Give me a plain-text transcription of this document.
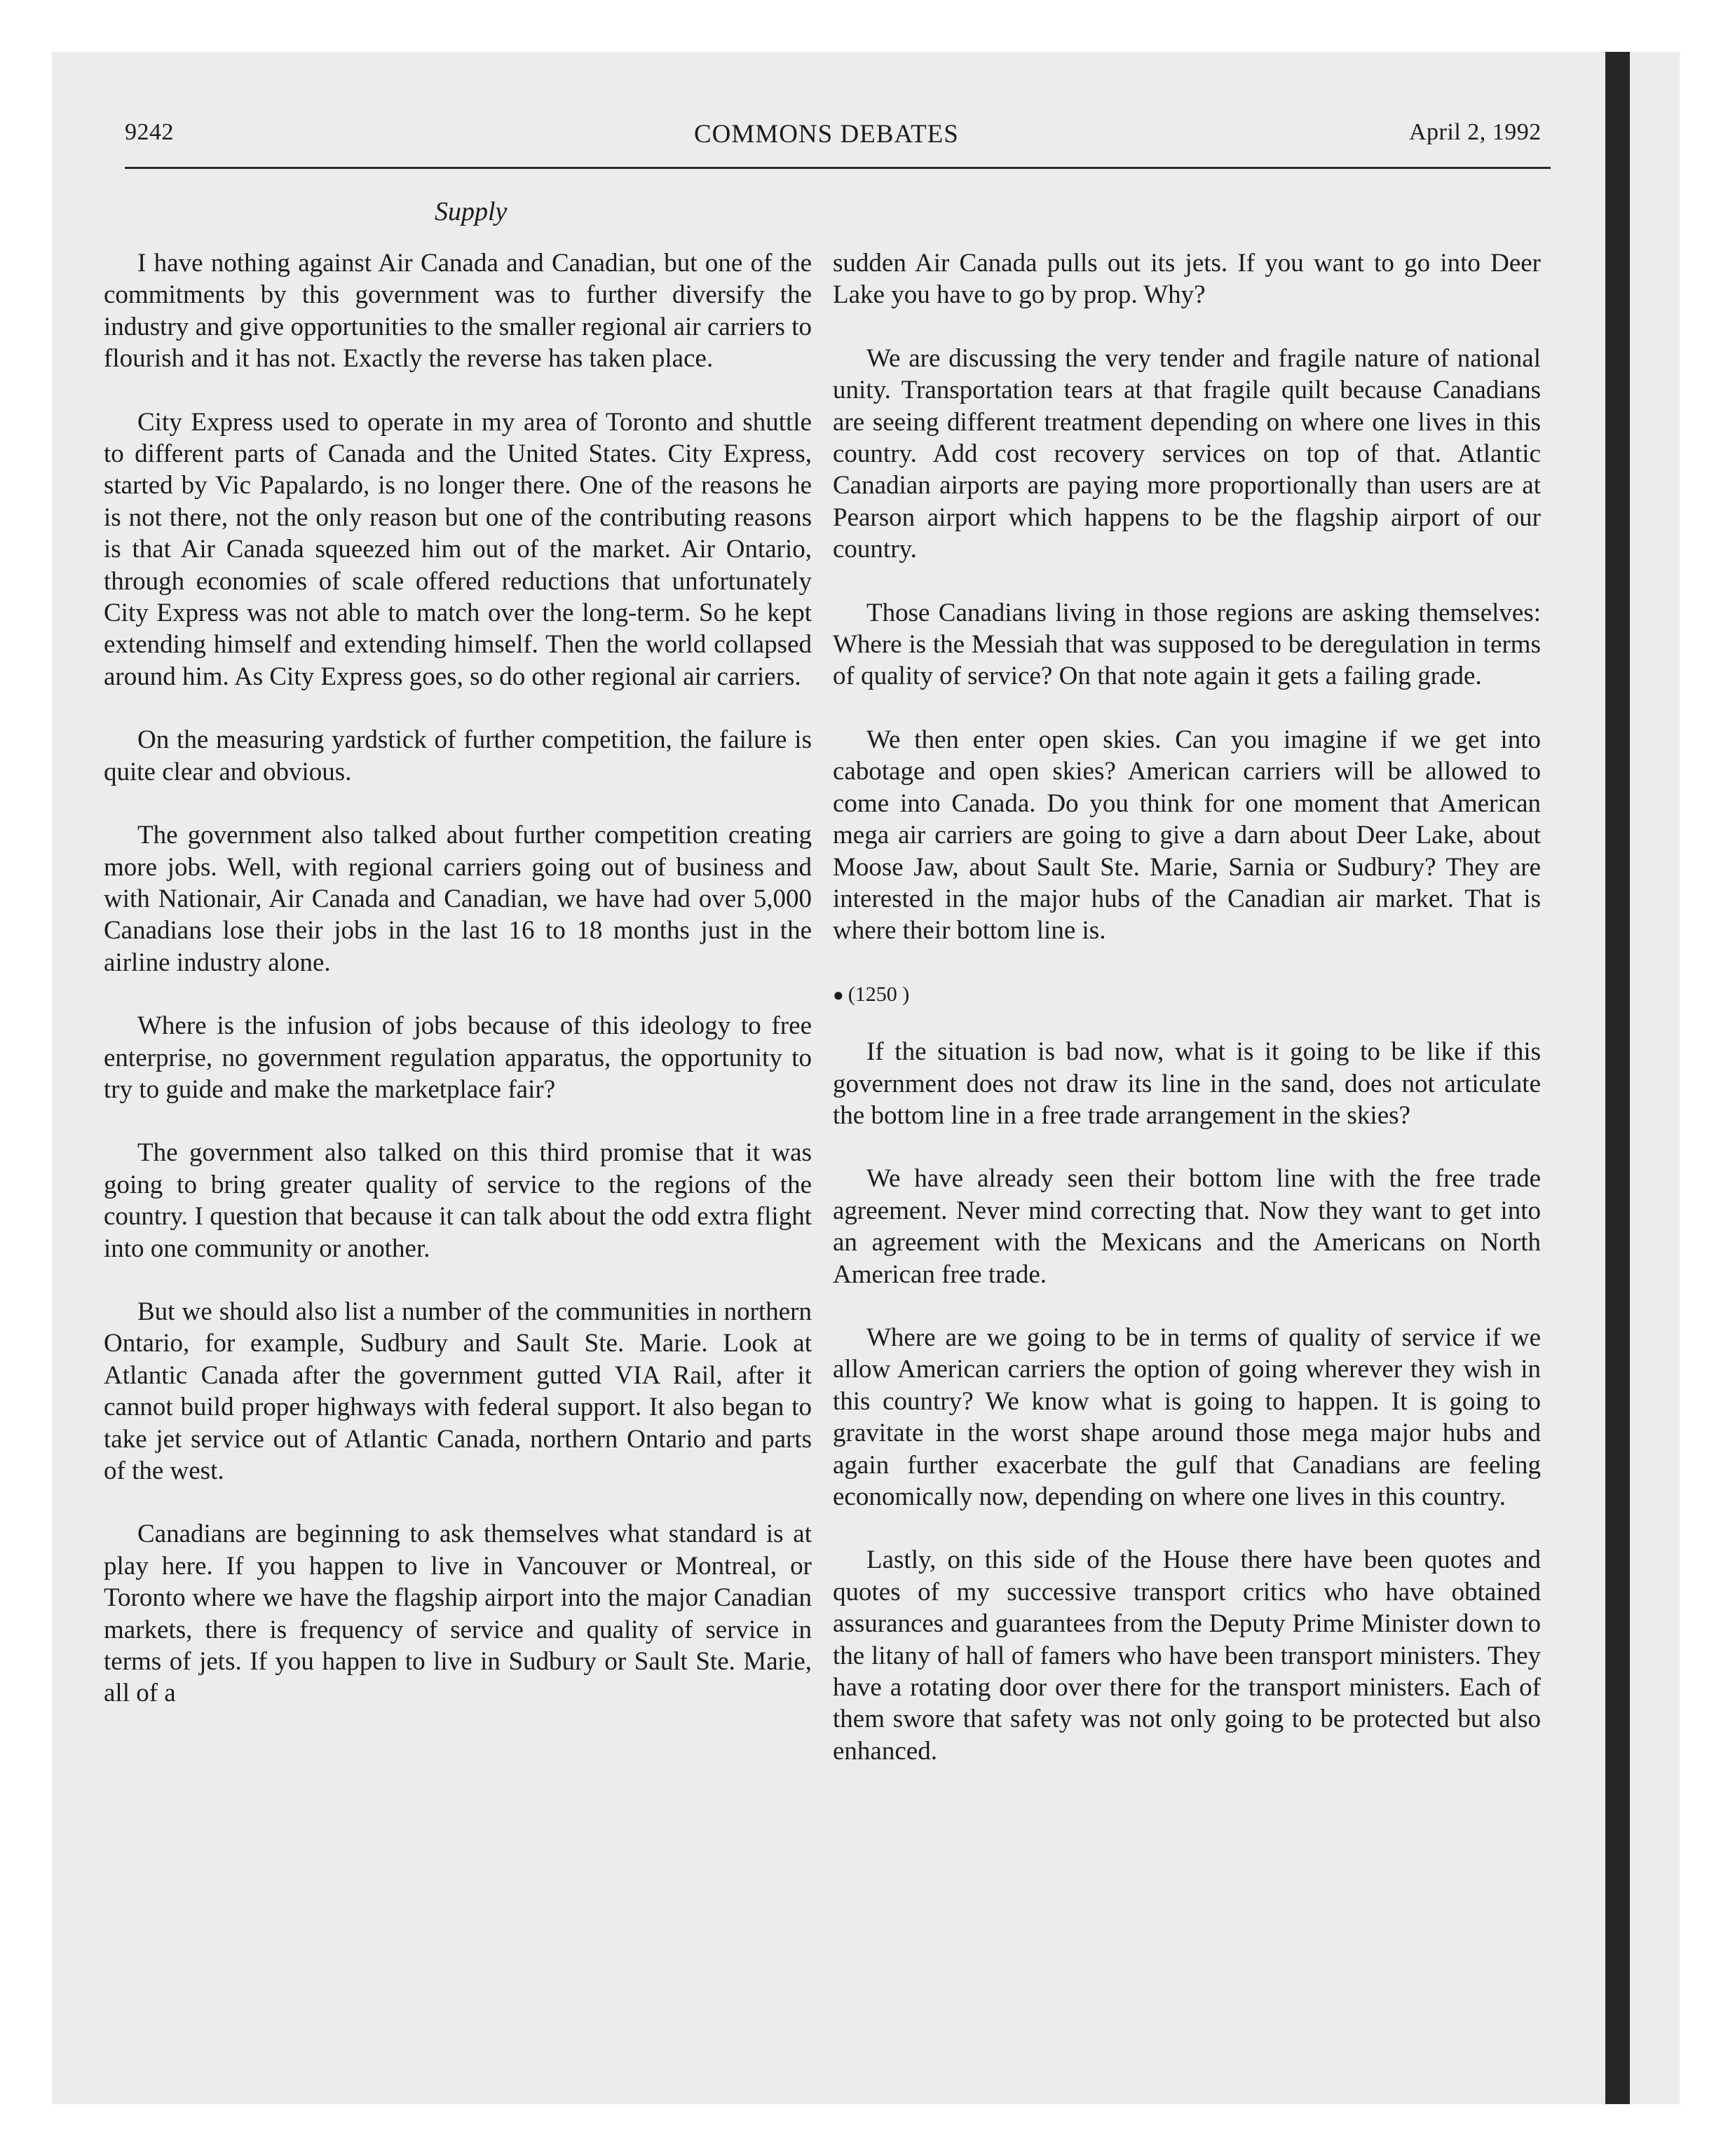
9242	COMMONS DEBATES	April 2, 1992
Supply

I have nothing against Air Canada and Canadian, but one of the commitments by this government was to further diversify the industry and give opportunities to the smaller regional air carriers to flourish and it has not. Exactly the reverse has taken place.

City Express used to operate in my area of Toronto and shuttle to different parts of Canada and the United States. City Express, started by Vic Papalardo, is no longer there. One of the reasons he is not there, not the only reason but one of the contributing reasons is that Air Canada squeezed him out of the market. Air Ontario, through economies of scale offered reductions that unfortunately City Express was not able to match over the long-term. So he kept extending himself and extending himself. Then the world collapsed around him. As City Express goes, so do other regional air carriers.

On the measuring yardstick of further competition, the failure is quite clear and obvious.

The government also talked about further competition creating more jobs. Well, with regional carriers going out of business and with Nationair, Air Canada and Canadian, we have had over 5,000 Canadians lose their jobs in the last 16 to 18 months just in the airline industry alone.

Where is the infusion of jobs because of this ideology to free enterprise, no government regulation apparatus, the opportunity to try to guide and make the marketplace fair?

The government also talked on this third promise that it was going to bring greater quality of service to the regions of the country. I question that because it can talk about the odd extra flight into one community or another.

But we should also list a number of the communities in northern Ontario, for example, Sudbury and Sault Ste. Marie. Look at Atlantic Canada after the government gutted VIA Rail, after it cannot build proper highways with federal support. It also began to take jet service out of Atlantic Canada, northern Ontario and parts of the west.

Canadians are beginning to ask themselves what standard is at play here. If you happen to live in Vancouver or Montreal, or Toronto where we have the flagship airport into the major Canadian markets, there is frequency of service and quality of service in terms of jets. If you happen to live in Sudbury or Sault Ste. Marie, all of a

sudden Air Canada pulls out its jets. If you want to go into Deer Lake you have to go by prop. Why?

We are discussing the very tender and fragile nature of national unity. Transportation tears at that fragile quilt because Canadians are seeing different treatment depending on where one lives in this country. Add cost recovery services on top of that. Atlantic Canadian airports are paying more proportionally than users are at Pearson airport which happens to be the flagship airport of our country.

Those Canadians living in those regions are asking themselves: Where is the Messiah that was supposed to be deregulation in terms of quality of service? On that note again it gets a failing grade.

We then enter open skies. Can you imagine if we get into cabotage and open skies? American carriers will be allowed to come into Canada. Do you think for one moment that American mega air carriers are going to give a darn about Deer Lake, about Moose Jaw, about Sault Ste. Marie, Sarnia or Sudbury? They are interested in the major hubs of the Canadian air market. That is where their bottom line is.

● (1250 )

If the situation is bad now, what is it going to be like if this government does not draw its line in the sand, does not articulate the bottom line in a free trade arrangement in the skies?

We have already seen their bottom line with the free trade agreement. Never mind correcting that. Now they want to get into an agreement with the Mexicans and the Americans on North American free trade.

Where are we going to be in terms of quality of service if we allow American carriers the option of going wherever they wish in this country? We know what is going to happen. It is going to gravitate in the worst shape around those mega major hubs and again further exacerbate the gulf that Canadians are feeling economically now, depending on where one lives in this country.

Lastly, on this side of the House there have been quotes and quotes of my successive transport critics who have obtained assurances and guarantees from the Deputy Prime Minister down to the litany of hall of famers who have been transport ministers. They have a rotating door over there for the transport ministers. Each of them swore that safety was not only going to be protected but also enhanced.
